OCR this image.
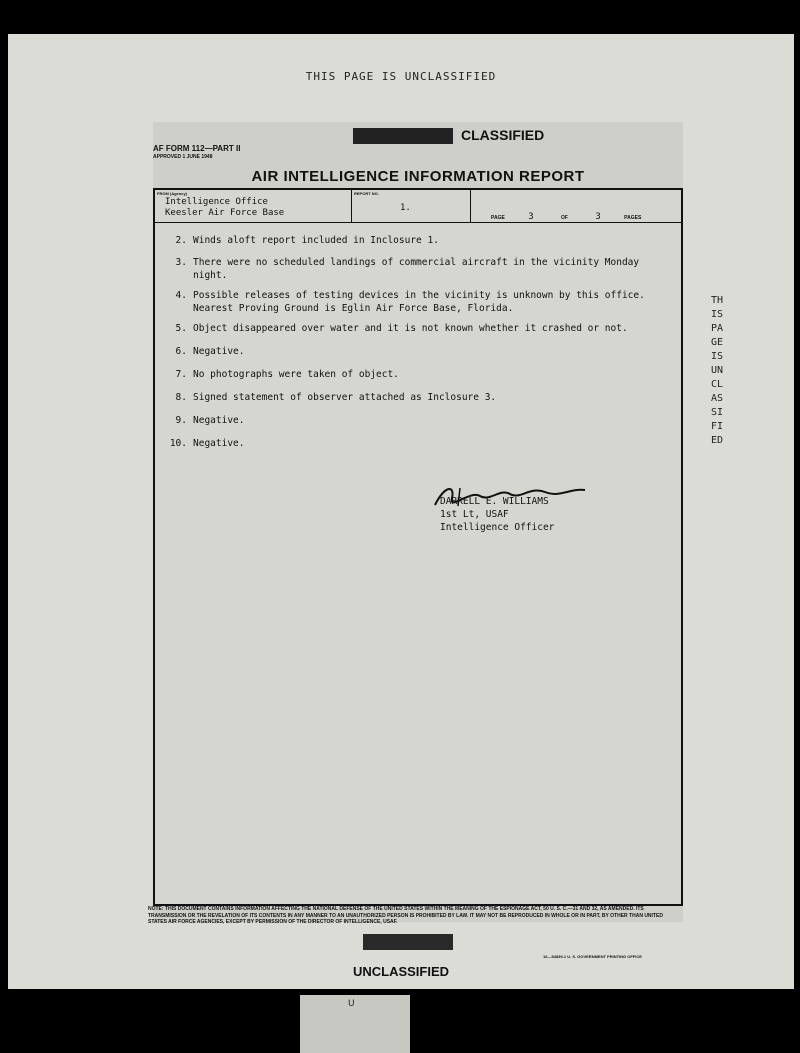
THIS PAGE IS UNCLASSIFIED
THIS PAGE IS UNCLASSIFIED
CLASSIFIED
AF FORM 112—PART II
APPROVED 1 JUNE 1948
AIR INTELLIGENCE INFORMATION REPORT
FROM (Agency)
Intelligence Office
Keesler Air Force Base
REPORT NO.
1.
PAGE	3	OF	3	PAGES
2. Winds aloft report included in Inclosure 1.
3. There were no scheduled landings of commercial aircraft in the vicinity Monday night.
4. Possible releases of testing devices in the vicinity is unknown by this office. Nearest Proving Ground is Eglin Air Force Base, Florida.
5. Object disappeared over water and it is not known whether it crashed or not.
6. Negative.
7. No photographs were taken of object.
8. Signed statement of observer attached as Inclosure 3.
9. Negative.
10. Negative.
DARRELL E. WILLIAMS
1st Lt, USAF
Intelligence Officer
NOTE: THIS DOCUMENT CONTAINS INFORMATION AFFECTING THE NATIONAL DEFENSE OF THE UNITED STATES WITHIN THE MEANING OF THE ESPIONAGE ACT, 50 U. S. C.—31 AND 32, AS AMENDED. ITS TRANSMISSION OR THE REVELATION OF ITS CONTENTS IN ANY MANNER TO AN UNAUTHORIZED PERSON IS PROHIBITED BY LAW. IT MAY NOT BE REPRODUCED IN WHOLE OR IN PART, BY OTHER THAN UNITED STATES AIR FORCE AGENCIES, EXCEPT BY PERMISSION OF THE DIRECTOR OF INTELLIGENCE, USAF.
16—54839-1 U. S. GOVERNMENT PRINTING OFFICE
UNCLASSIFIED
U
